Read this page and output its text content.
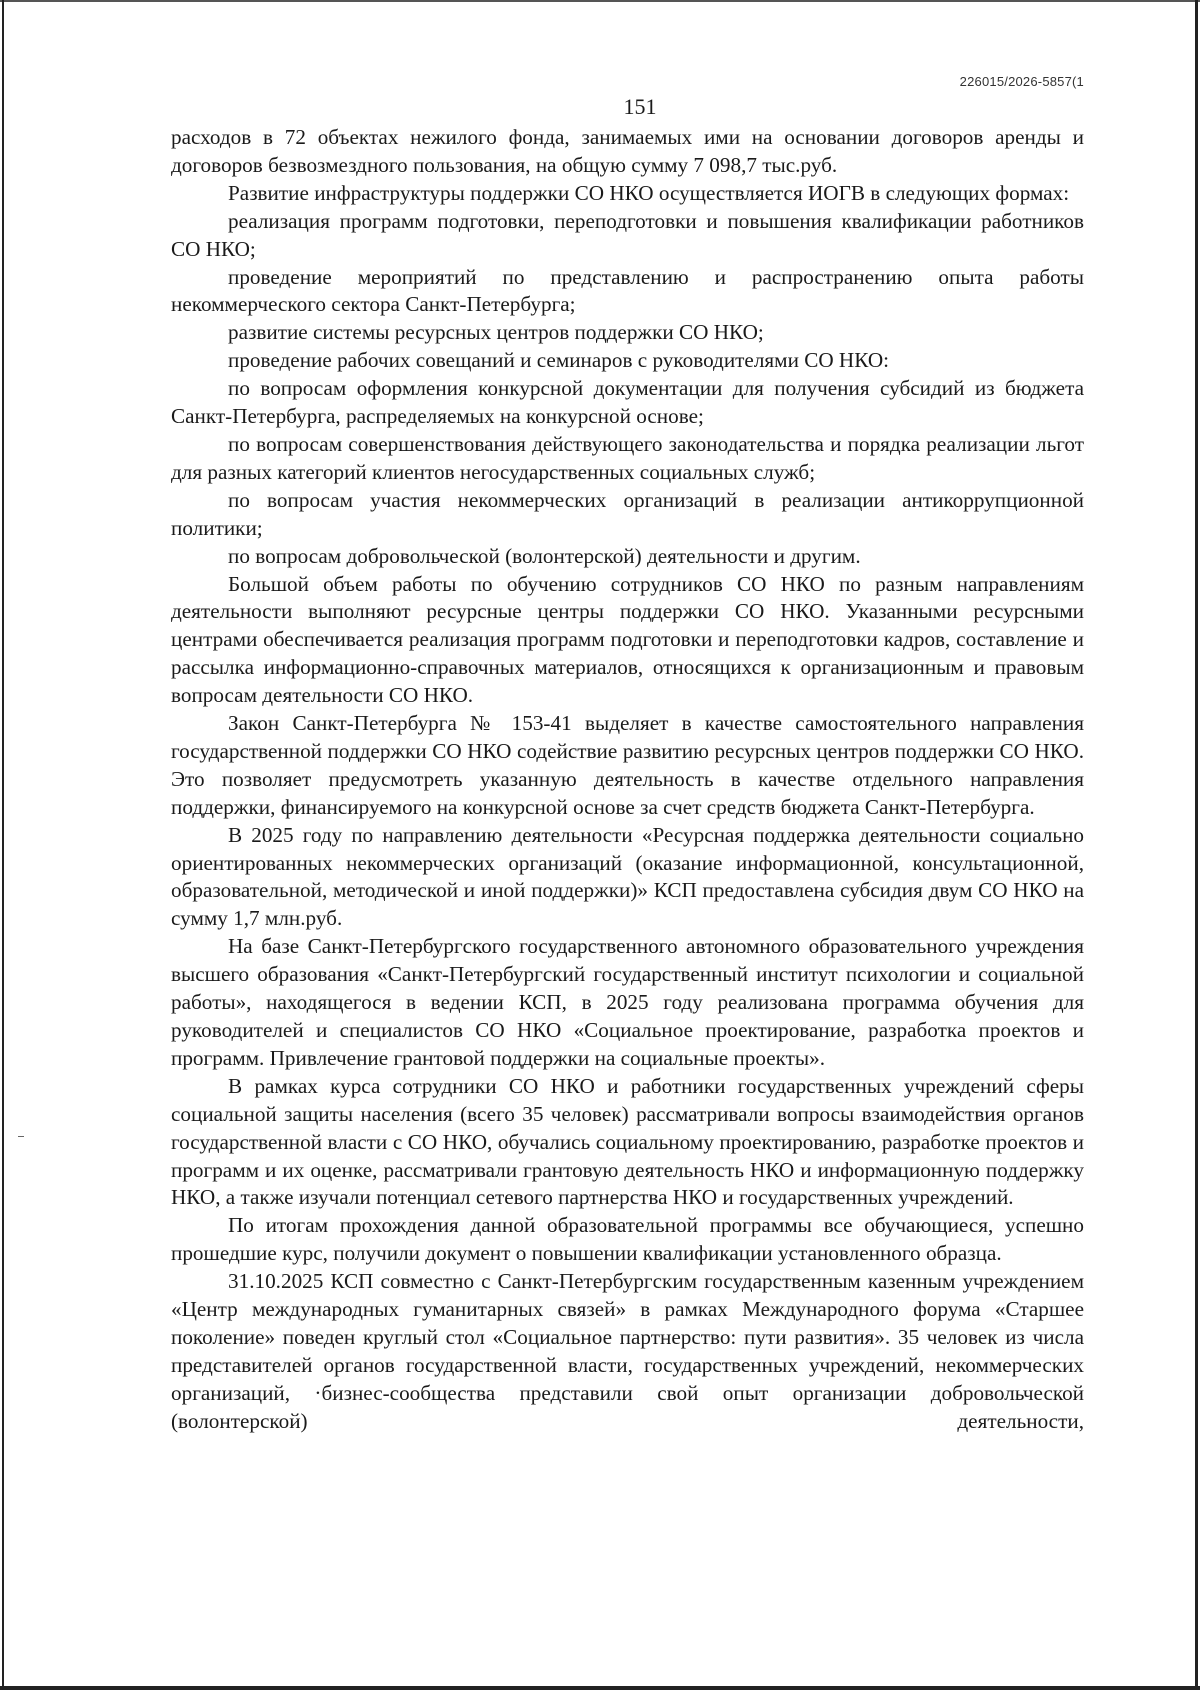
226015/2026-5857(1
151

расходов в 72 объектах нежилого фонда, занимаемых ими на основании договоров аренды и договоров безвозмездного пользования, на общую сумму 7 098,7 тыс.руб.

Развитие инфраструктуры поддержки СО НКО осуществляется ИОГВ в следующих формах:

реализация программ подготовки, переподготовки и повышения квалификации работников СО НКО;

проведение мероприятий по представлению и распространению опыта работы некоммерческого сектора Санкт-Петербурга;

развитие системы ресурсных центров поддержки СО НКО;

проведение рабочих совещаний и семинаров с руководителями СО НКО:

по вопросам оформления конкурсной документации для получения субсидий из бюджета Санкт-Петербурга, распределяемых на конкурсной основе;

по вопросам совершенствования действующего законодательства и порядка реализации льгот для разных категорий клиентов негосударственных социальных служб;

по вопросам участия некоммерческих организаций в реализации антикоррупционной политики;

по вопросам добровольческой (волонтерской) деятельности и другим.

Большой объем работы по обучению сотрудников СО НКО по разным направлениям деятельности выполняют ресурсные центры поддержки СО НКО. Указанными ресурсными центрами обеспечивается реализация программ подготовки и переподготовки кадров, составление и рассылка информационно-справочных материалов, относящихся к организационным и правовым вопросам деятельности СО НКО.

Закон Санкт-Петербурга № 153-41 выделяет в качестве самостоятельного направления государственной поддержки СО НКО содействие развитию ресурсных центров поддержки СО НКО. Это позволяет предусмотреть указанную деятельность в качестве отдельного направления поддержки, финансируемого на конкурсной основе за счет средств бюджета Санкт-Петербурга.

В 2025 году по направлению деятельности «Ресурсная поддержка деятельности социально ориентированных некоммерческих организаций (оказание информационной, консультационной, образовательной, методической и иной поддержки)» КСП предоставлена субсидия двум СО НКО на сумму 1,7 млн.руб.

На базе Санкт-Петербургского государственного автономного образовательного учреждения высшего образования «Санкт-Петербургский государственный институт психологии и социальной работы», находящегося в ведении КСП, в 2025 году реализована программа обучения для руководителей и специалистов СО НКО «Социальное проектирование, разработка проектов и программ. Привлечение грантовой поддержки на социальные проекты».

В рамках курса сотрудники СО НКО и работники государственных учреждений сферы социальной защиты населения (всего 35 человек) рассматривали вопросы взаимодействия органов государственной власти с СО НКО, обучались социальному проектированию, разработке проектов и программ и их оценке, рассматривали грантовую деятельность НКО и информационную поддержку НКО, а также изучали потенциал сетевого партнерства НКО и государственных учреждений.

По итогам прохождения данной образовательной программы все обучающиеся, успешно прошедшие курс, получили документ о повышении квалификации установленного образца.

31.10.2025 КСП совместно с Санкт-Петербургским государственным казенным учреждением «Центр международных гуманитарных связей» в рамках Международного форума «Старшее поколение» поведен круглый стол «Социальное партнерство: пути развития». 35 человек из числа представителей органов государственной власти, государственных учреждений, некоммерческих организаций, ·бизнес-сообщества представили свой опыт организации добровольческой (волонтерской) деятельности,
